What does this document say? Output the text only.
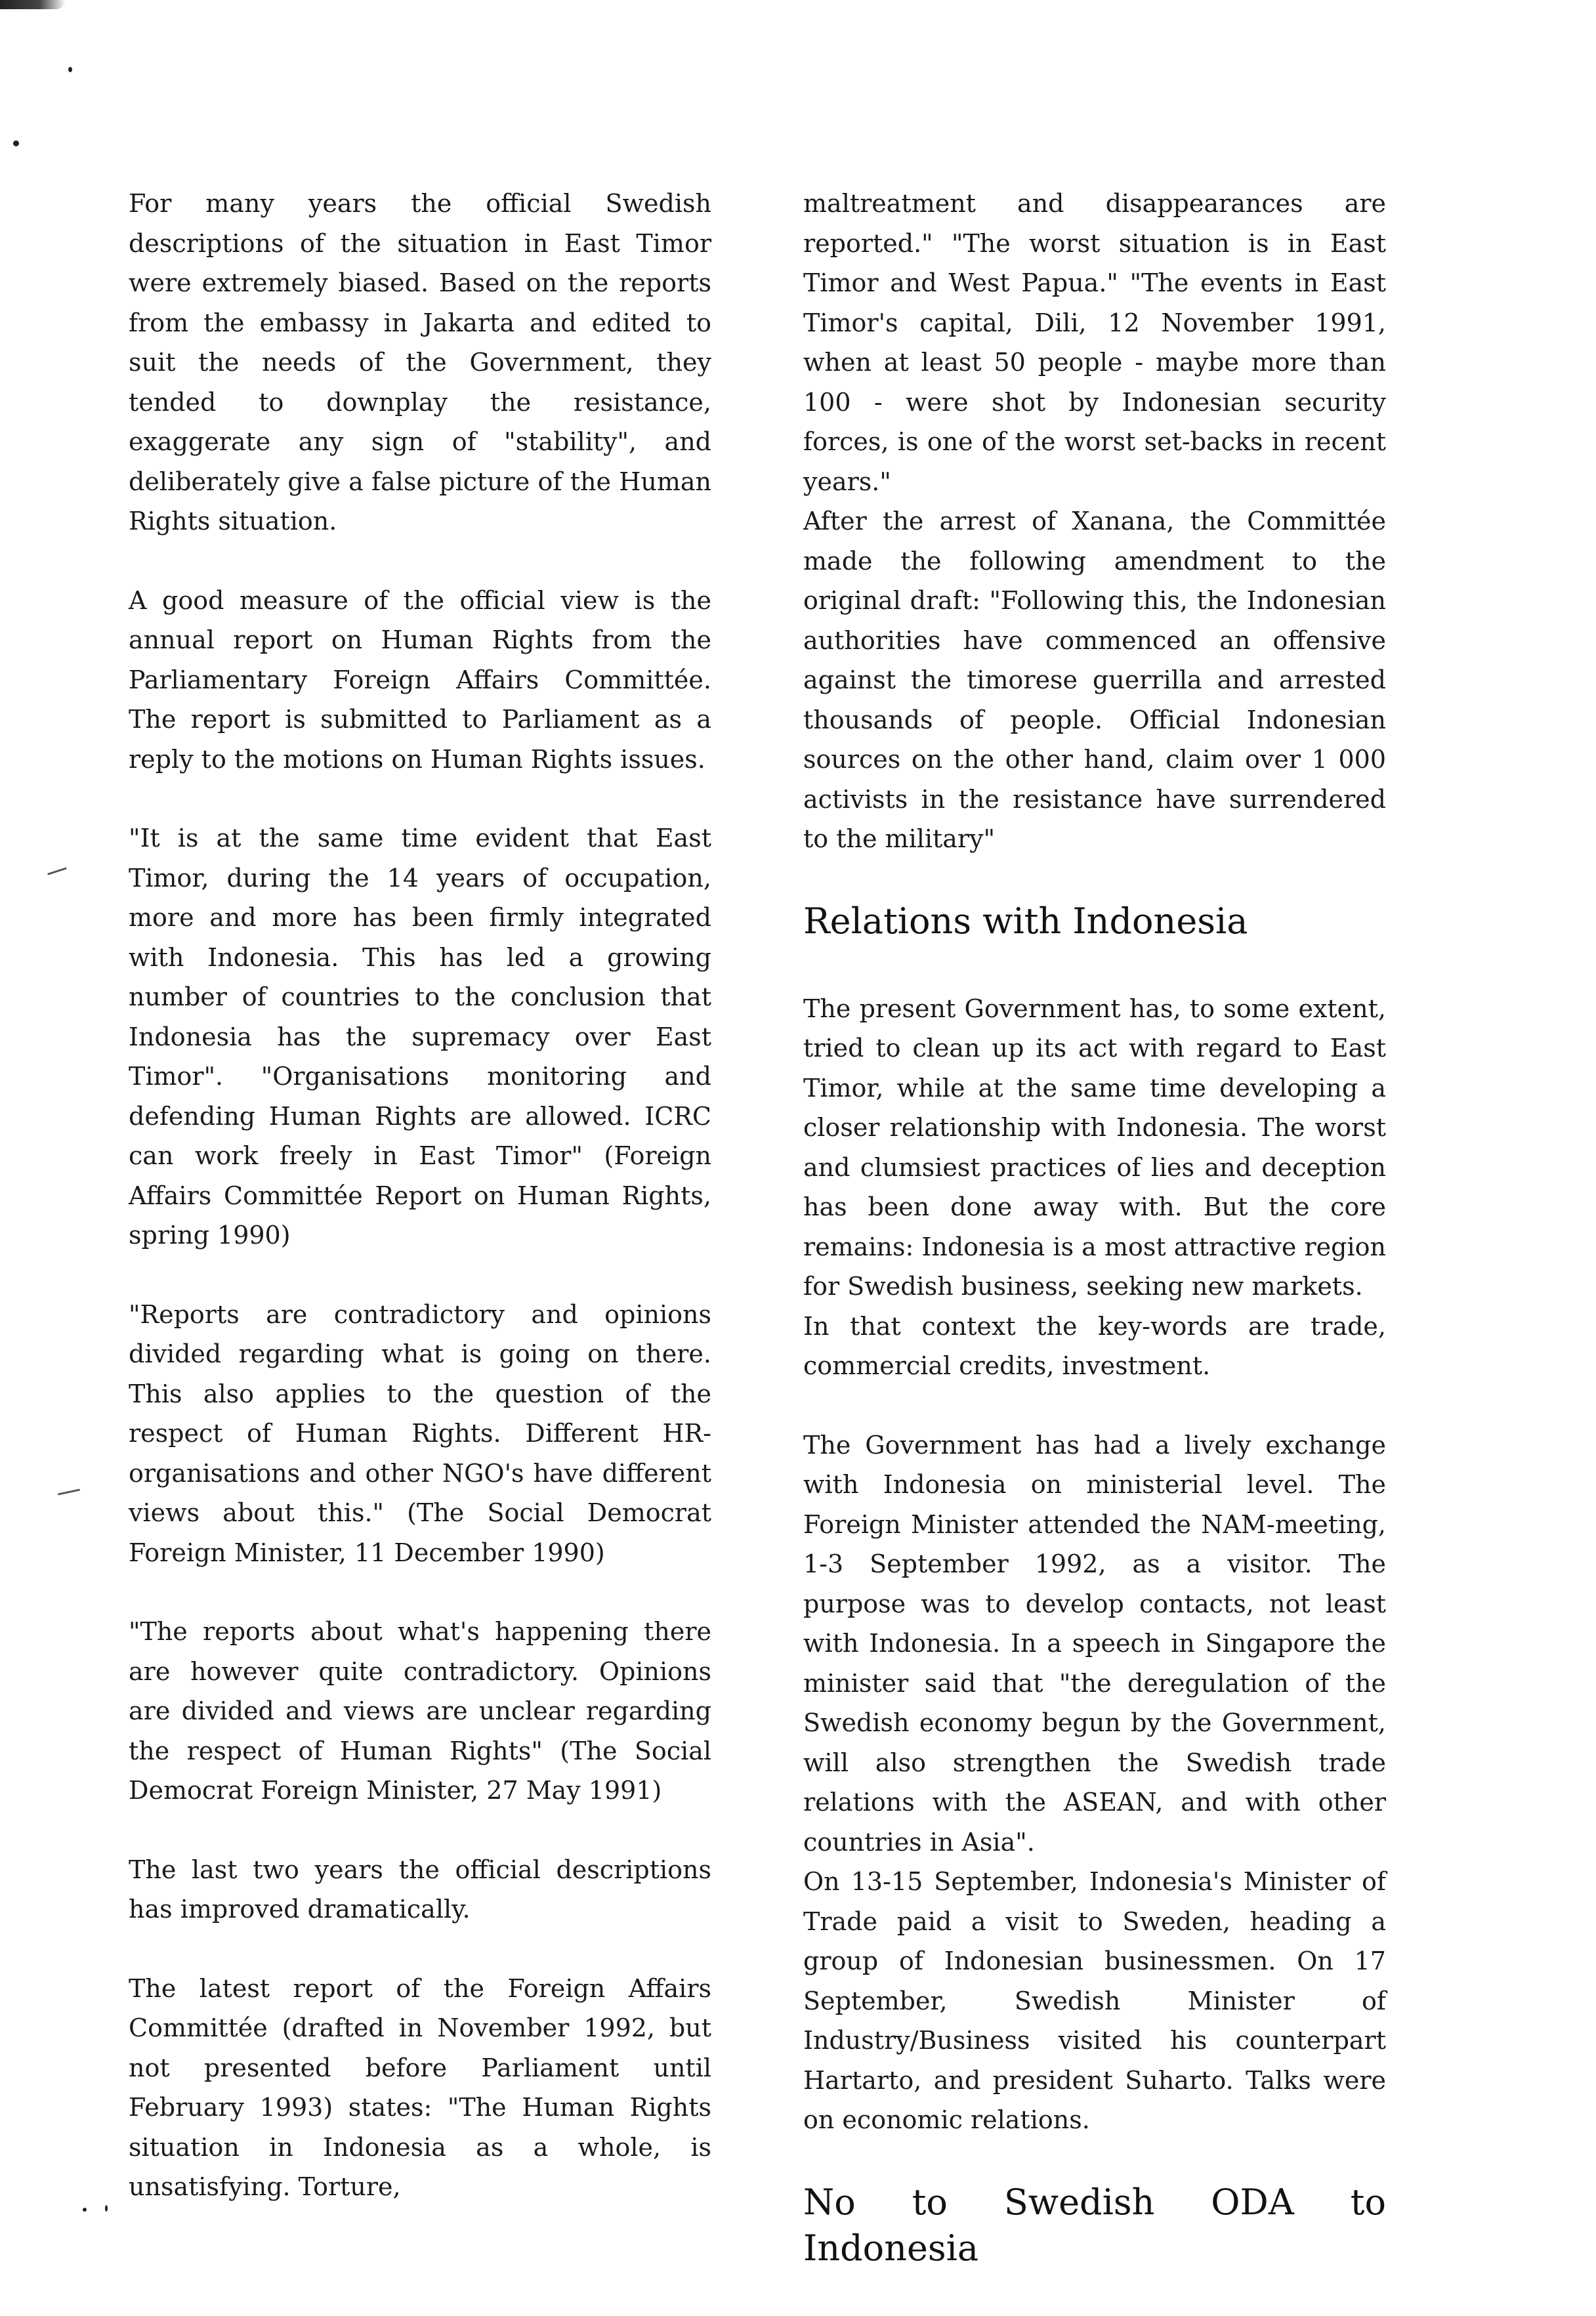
For many years the official Swedish descriptions of the situation in East Timor were extremely biased. Based on the reports from the embassy in Jakarta and edited to suit the needs of the Government, they tended to downplay the resistance, exaggerate any sign of "stability", and deliberately give a false picture of the Human Rights situation.

A good measure of the official view is the annual report on Human Rights from the Parliamentary Foreign Affairs Committée. The report is submitted to Parliament as a reply to the motions on Human Rights issues.

"It is at the same time evident that East Timor, during the 14 years of occupation, more and more has been firmly integrated with Indonesia. This has led a growing number of countries to the conclusion that Indonesia has the supremacy over East Timor". "Organisations monitoring and defending Human Rights are allowed. ICRC can work freely in East Timor" (Foreign Affairs Committée Report on Human Rights, spring 1990)

"Reports are contradictory and opinions divided regarding what is going on there. This also applies to the question of the respect of Human Rights. Different HR-organisations and other NGO's have different views about this." (The Social Democrat Foreign Minister, 11 December 1990)

"The reports about what's happening there are however quite contradictory. Opinions are divided and views are unclear regarding the respect of Human Rights" (The Social Democrat Foreign Minister, 27 May 1991)

The last two years the official descriptions has improved dramatically.

The latest report of the Foreign Affairs Committée (drafted in November 1992, but not presented before Parliament until February 1993) states: "The Human Rights situation in Indonesia as a whole, is unsatisfying. Torture,

maltreatment and disappearances are reported." "The worst situation is in East Timor and West Papua." "The events in East Timor's capital, Dili, 12 November 1991, when at least 50 people - maybe more than 100 - were shot by Indonesian security forces, is one of the worst set-backs in recent years."

After the arrest of Xanana, the Committée made the following amendment to the original draft: "Following this, the Indonesian authorities have commenced an offensive against the timorese guerrilla and arrested thousands of people. Official Indonesian sources on the other hand, claim over 1 000 activists in the resistance have surrendered to the military"

Relations with Indonesia

The present Government has, to some extent, tried to clean up its act with regard to East Timor, while at the same time developing a closer relationship with Indonesia. The worst and clumsiest practices of lies and deception has been done away with. But the core remains: Indonesia is a most attractive region for Swedish business, seeking new markets.

In that context the key-words are trade, commercial credits, investment.

The Government has had a lively exchange with Indonesia on ministerial level. The Foreign Minister attended the NAM-meeting, 1-3 September 1992, as a visitor. The purpose was to develop contacts, not least with Indonesia. In a speech in Singapore the minister said that "the deregulation of the Swedish economy begun by the Government, will also strengthen the Swedish trade relations with the ASEAN, and with other countries in Asia".

On 13-15 September, Indonesia's Minister of Trade paid a visit to Sweden, heading a group of Indonesian businessmen. On 17 September, Swedish Minister of Industry/Business visited his counterpart Hartarto, and president Suharto. Talks were on economic relations.

No to Swedish ODA to Indonesia
